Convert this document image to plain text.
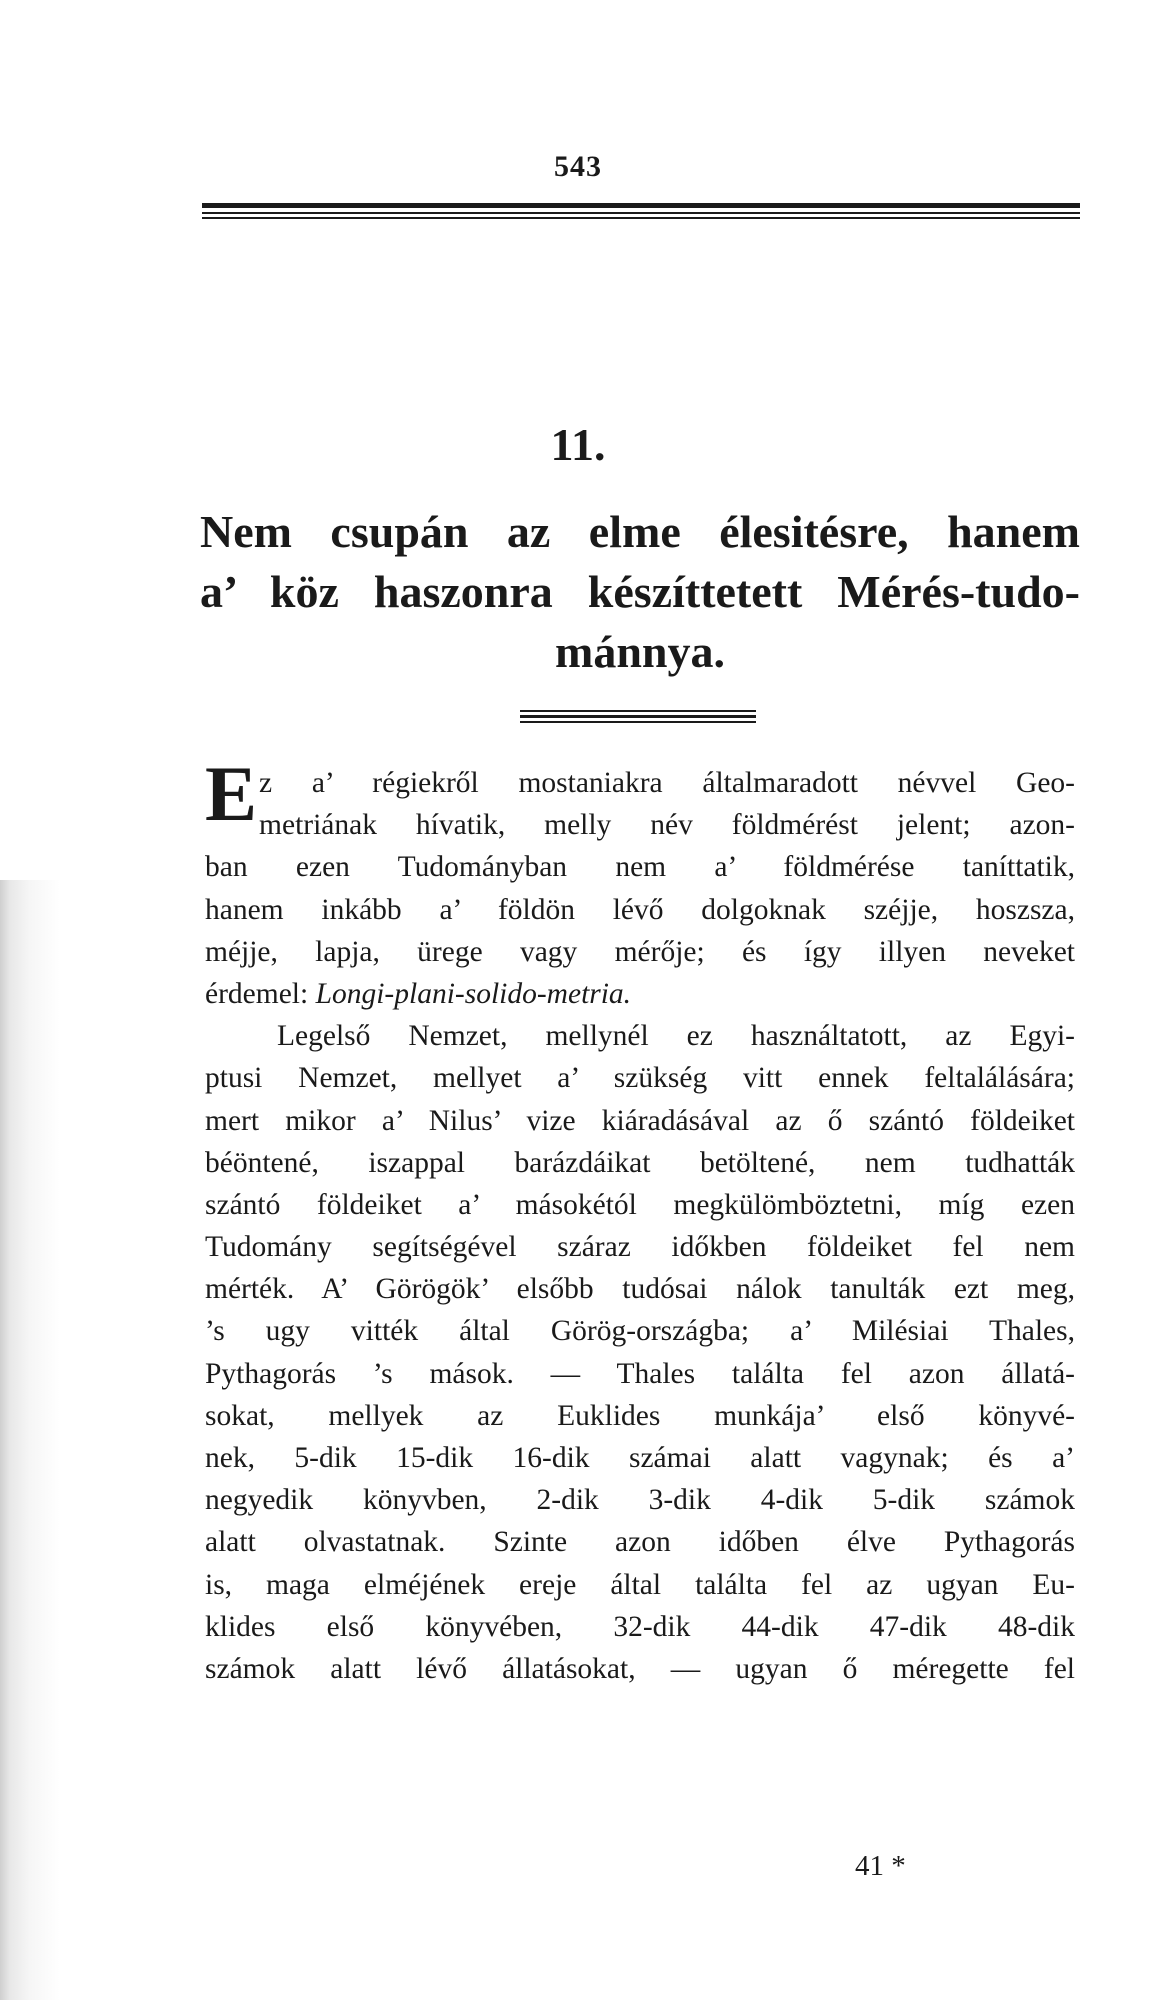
543
11.
Nem csupán az elme élesitésre, hanem
a’ köz haszonra készíttetett Mérés-tudo-
mánnya.
E z a’ régiekről mostaniakra általmaradott névvel Geo-
metriának hívatik, melly név földmérést jelent; azon-
ban ezen Tudományban nem a’ földmérése taníttatik,
hanem inkább a’ földön lévő dolgoknak széjje, hoszsza,
méjje, lapja, ürege vagy mérője; és így illyen neveket
érdemel: Longi-plani-solido-metria.
Legelső Nemzet, mellynél ez használtatott, az Egyi-
ptusi Nemzet, mellyet a’ szükség vitt ennek feltalálására;
mert mikor a’ Nilus’ vize kiáradásával az ő szántó földeiket
béöntené, iszappal barázdáikat betöltené, nem tudhatták
szántó földeiket a’ másokétól megkülömböztetni, míg ezen
Tudomány segítségével száraz időkben földeiket fel nem
mérték. A’ Görögök’ elsőbb tudósai nálok tanulták ezt meg,
’s ugy vitték által Görög-országba; a’ Milésiai Thales,
Pythagorás ’s mások. — Thales találta fel azon állatá-
sokat, mellyek az Euklides munkája’ első könyvé-
nek, 5-dik 15-dik 16-dik számai alatt vagynak; és a’
negyedik könyvben, 2-dik 3-dik 4-dik 5-dik számok
alatt olvastatnak. Szinte azon időben élve Pythagorás
is, maga elméjének ereje által találta fel az ugyan Eu-
klides első könyvében, 32-dik 44-dik 47-dik 48-dik
számok alatt lévő állatásokat, — ugyan ő méregette fel
41 *
